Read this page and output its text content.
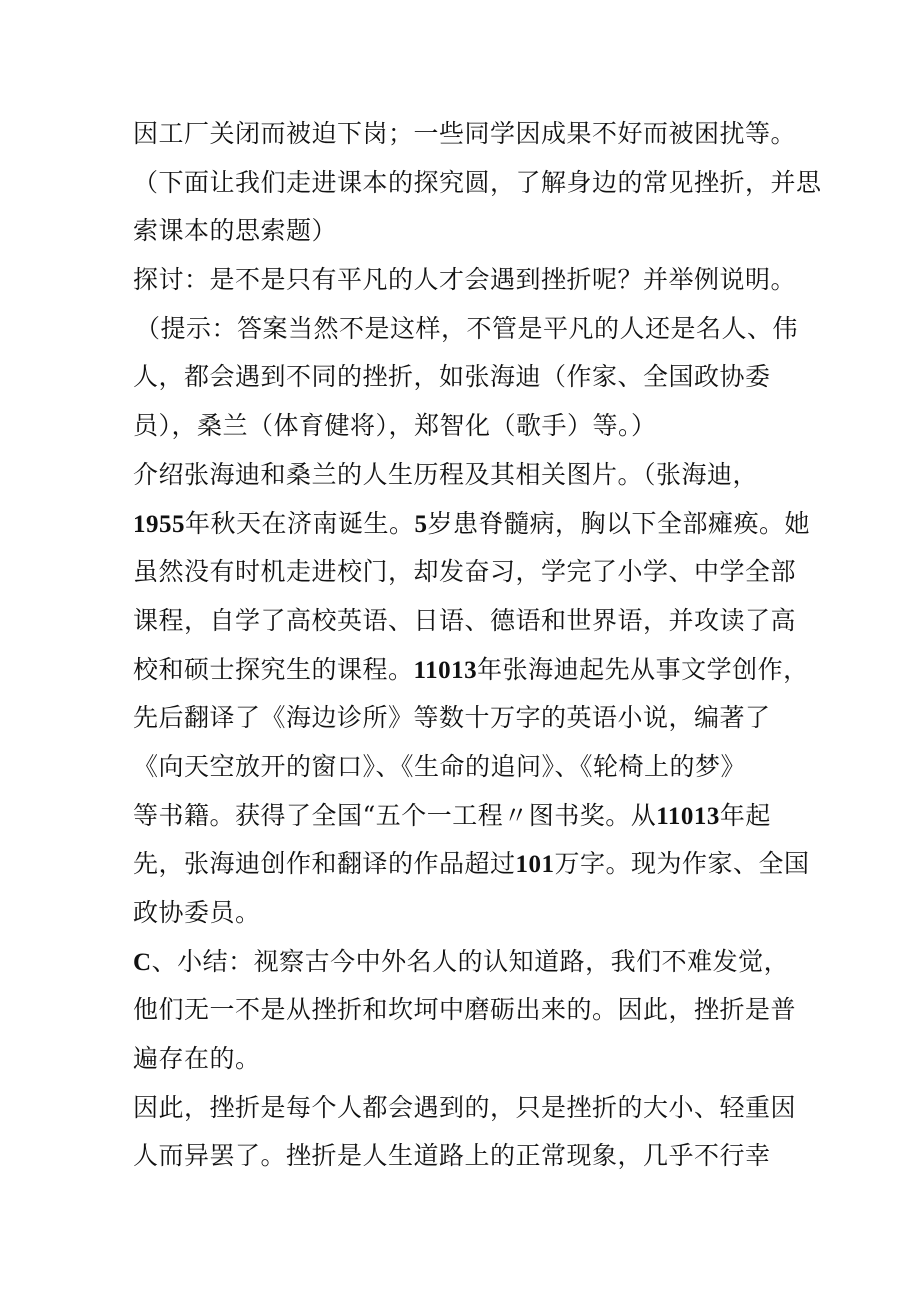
因工厂关闭而被迫下岗；一些同学因成果不好而被困扰等。
（下面让我们走进课本的探究圆，了解身边的常见挫折，并思
索课本的思索题）
探讨：是不是只有平凡的人才会遇到挫折呢？并举例说明。
（提示：答案当然不是这样，不管是平凡的人还是名人、伟
人，都会遇到不同的挫折，如张海迪（作家、全国政协委
员），桑兰（体育健将），郑智化（歌手）等。）
介绍张海迪和桑兰的人生历程及其相关图片。（张海迪，
1955年秋天在济南诞生。5岁患脊髓病，胸以下全部瘫痪。她
虽然没有时机走进校门，却发奋习，学完了小学、中学全部
课程，自学了高校英语、日语、德语和世界语，并攻读了高
校和硕士探究生的课程。11013年张海迪起先从事文学创作，
先后翻译了《海边诊所》等数十万字的英语小说，编著了
《向天空放开的窗口》、《生命的追问》、《轮椅上的梦》
等书籍。获得了全国“五个一工程〃图书奖。从11013年起
先，张海迪创作和翻译的作品超过101万字。现为作家、全国
政协委员。
C、小结：视察古今中外名人的认知道路，我们不难发觉，
他们无一不是从挫折和坎坷中磨砺出来的。因此，挫折是普
遍存在的。
因此，挫折是每个人都会遇到的，只是挫折的大小、轻重因
人而异罢了。挫折是人生道路上的正常现象，几乎不行幸
